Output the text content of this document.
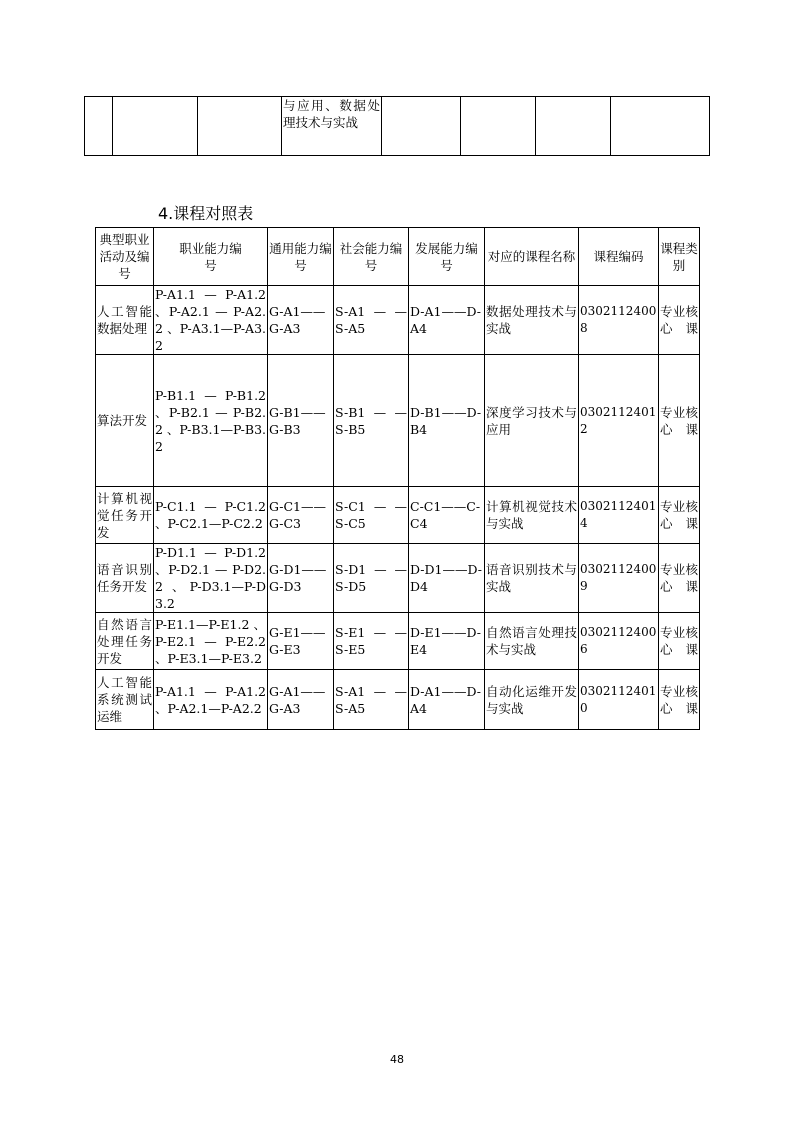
			与应用、数据处理技术与实战				
4.课程对照表
典型职业活动及编号	职业能力编号	通用能力编号	社会能力编号	发展能力编号	对应的课程名称	课程编码	课程类别
人工智能数据处理	P-A1.1 — P-A1.2 、P-A2.1 — P-A2.2 、P-A3.1—P-A3.2	G-A1——G-A3	S-A1 — — S-A5	D-A1——D-A4	数据处理技术与实战	03021124008	专业核心课
算法开发	P-B1.1 — P-B1.2 、P-B2.1 — P-B2.2 、P-B3.1—P-B3.2	G-B1——G-B3	S-B1 — — S-B5	D-B1——D-B4	深度学习技术与应用	03021124012	专业核心课
计算机视觉任务开发	P-C1.1 — P-C1.2 、P-C2.1—P-C2.2	G-C1——G-C3	S-C1 — — S-C5	C-C1——C-C4	计算机视觉技术与实战	03021124014	专业核心课
语音识别任务开发	P-D1.1 — P-D1.2 、P-D2.1 — P-D2.2 、P-D3.1—P-D3.2	G-D1——G-D3	S-D1 — — S-D5	D-D1——D-D4	语音识别技术与实战	03021124009	专业核心课
自然语言处理任务开发	P-E1.1—P-E1.2 、P-E2.1 — P-E2.2 、P-E3.1—P-E3.2	G-E1——G-E3	S-E1 — — S-E5	D-E1——D-E4	自然语言处理技术与实战	03021124006	专业核心课
人工智能系统测试运维	P-A1.1 — P-A1.2 、P-A2.1—P-A2.2	G-A1——G-A3	S-A1 — — S-A5	D-A1——D-A4	自动化运维开发与实战	03021124010	专业核心课
48
